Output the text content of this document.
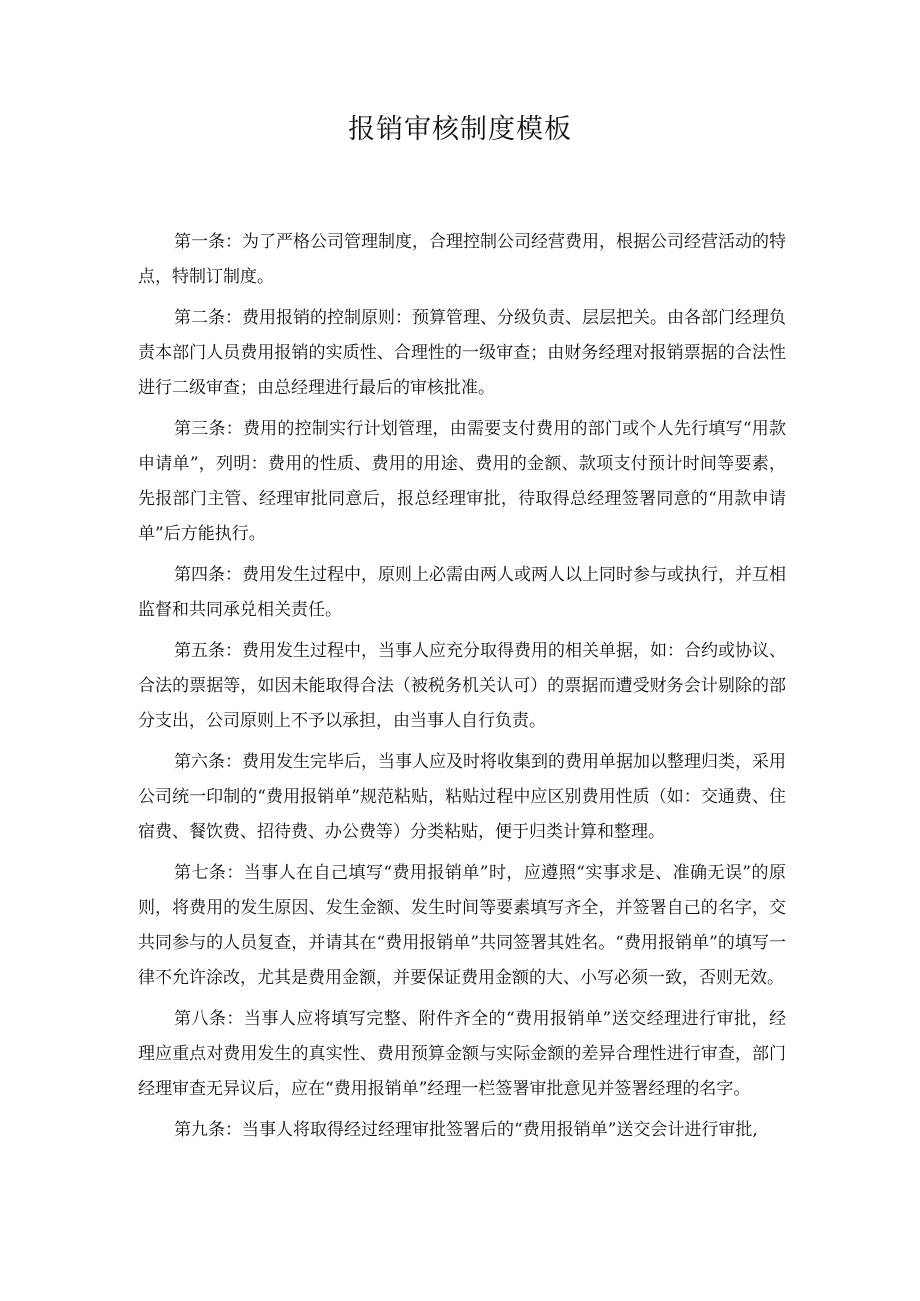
报销审核制度模板

第一条：为了严格公司管理制度，合理控制公司经营费用，根据公司经营活动的特点，特制订制度。

第二条：费用报销的控制原则：预算管理、分级负责、层层把关。由各部门经理负责本部门人员费用报销的实质性、合理性的一级审查；由财务经理对报销票据的合法性进行二级审查；由总经理进行最后的审核批准。

第三条：费用的控制实行计划管理，由需要支付费用的部门或个人先行填写“用款申请单”，列明：费用的性质、费用的用途、费用的金额、款项支付预计时间等要素，先报部门主管、经理审批同意后，报总经理审批，待取得总经理签署同意的“用款申请单”后方能执行。

第四条：费用发生过程中，原则上必需由两人或两人以上同时参与或执行，并互相监督和共同承兑相关责任。

第五条：费用发生过程中，当事人应充分取得费用的相关单据，如：合约或协议、合法的票据等，如因未能取得合法（被税务机关认可）的票据而遭受财务会计剔除的部分支出，公司原则上不予以承担，由当事人自行负责。

第六条：费用发生完毕后，当事人应及时将收集到的费用单据加以整理归类，采用公司统一印制的“费用报销单”规范粘贴，粘贴过程中应区别费用性质（如：交通费、住宿费、餐饮费、招待费、办公费等）分类粘贴，便于归类计算和整理。

第七条：当事人在自己填写“费用报销单”时，应遵照“实事求是、准确无误”的原则，将费用的发生原因、发生金额、发生时间等要素填写齐全，并签署自己的名字，交共同参与的人员复查，并请其在“费用报销单”共同签署其姓名。“费用报销单”的填写一律不允许涂改，尤其是费用金额，并要保证费用金额的大、小写必须一致，否则无效。

第八条：当事人应将填写完整、附件齐全的“费用报销单”送交经理进行审批，经理应重点对费用发生的真实性、费用预算金额与实际金额的差异合理性进行审查，部门经理审查无异议后，应在“费用报销单”经理一栏签署审批意见并签署经理的名字。

第九条：当事人将取得经过经理审批签署后的“费用报销单”送交会计进行审批,
